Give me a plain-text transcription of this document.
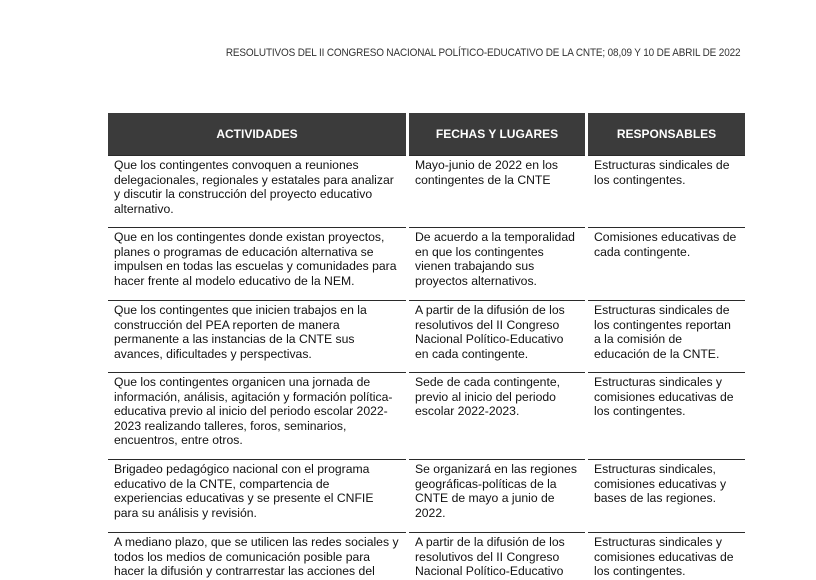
RESOLUTIVOS DEL II CONGRESO NACIONAL POLÍTICO-EDUCATIVO DE LA CNTE; 08,09 Y 10 DE ABRIL DE 2022
ACTIVIDADES	FECHAS Y LUGARES	RESPONSABLES
Que los contingentes convoquen a reuniones delegacionales, regionales y estatales para analizar y discutir la construcción del proyecto educativo alternativo.	Mayo-junio de 2022 en los contingentes de la CNTE	Estructuras sindicales de los contingentes.
Que en los contingentes donde existan proyectos, planes o programas de educación alternativa se impulsen en todas las escuelas y comunidades para hacer frente al modelo educativo de la NEM.	De acuerdo a la temporalidad en que los contingentes vienen trabajando sus proyectos alternativos.	Comisiones educativas de cada contingente.
Que los contingentes que inicien trabajos en la construcción del PEA reporten de manera permanente a las instancias de la CNTE sus avances, dificultades y perspectivas.	A partir de la difusión de los resolutivos del II Congreso Nacional Político-Educativo en cada contingente.	Estructuras sindicales de los contingentes reportan a la comisión de educación de la CNTE.
Que los contingentes organicen una jornada de información, análisis, agitación y formación política-educativa previo al inicio del periodo escolar 2022-2023 realizando talleres, foros, seminarios, encuentros, entre otros.	Sede de cada contingente, previo al inicio del periodo escolar 2022-2023.	Estructuras sindicales y comisiones educativas de los contingentes.
Brigadeo pedagógico nacional con el programa educativo de la CNTE, compartencia de experiencias educativas y se presente el CNFIE para su análisis y revisión.	Se organizará en las regiones geográficas-políticas de la CNTE de mayo a junio de 2022.	Estructuras sindicales, comisiones educativas y bases de las regiones.
A mediano plazo, que se utilicen las redes sociales y todos los medios de comunicación posible para hacer la difusión y contrarrestar las acciones del	A partir de la difusión de los resolutivos del II Congreso Nacional Político-Educativo	Estructuras sindicales y comisiones educativas de los contingentes.
